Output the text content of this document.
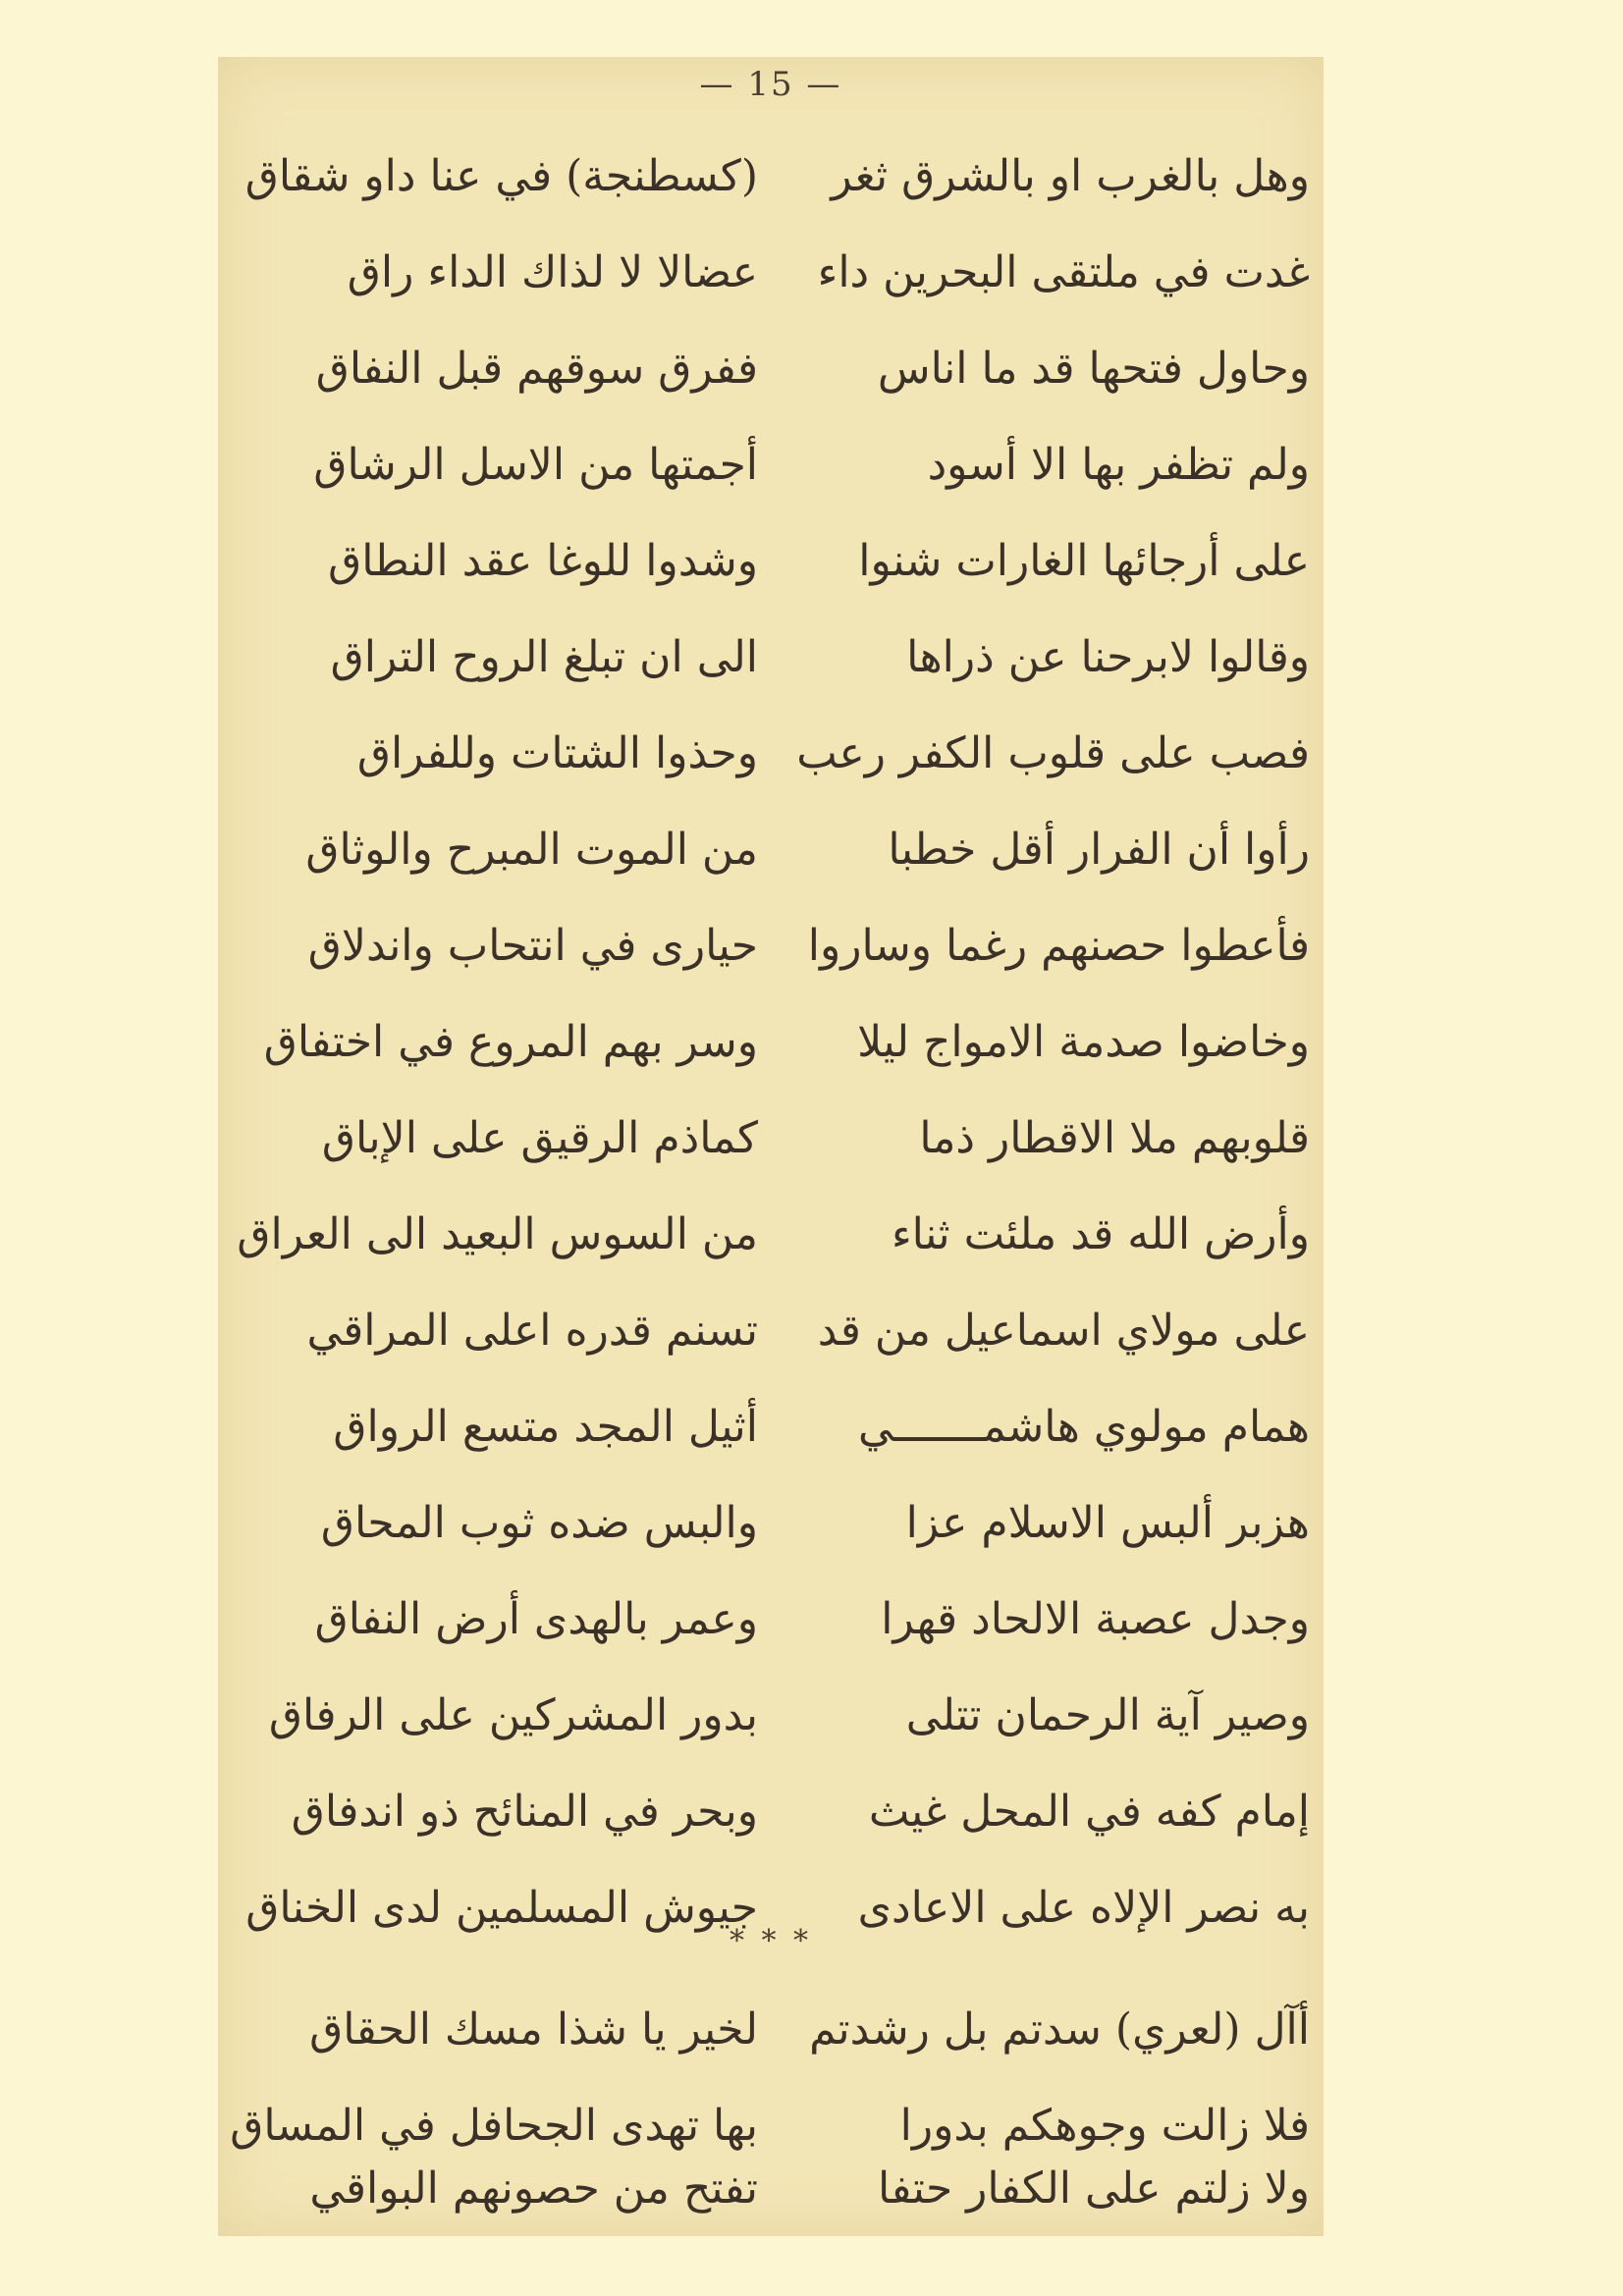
— 15 —
وهل بالغرب او بالشرق ثغر
(كسطنجة) في عنا داو شقاق
غدت في ملتقى البحرين داء
عضالا لا لذاك الداء راق
وحاول فتحها قد ما اناس
ففرق سوقهم قبل النفاق
ولم تظفر بها الا أسود
أجمتها من الاسل الرشاق
على أرجائها الغارات شنوا
وشدوا للوغا عقد النطاق
وقالوا لابرحنا عن ذراها
الى ان تبلغ الروح التراق
فصب على قلوب الكفر رعب
وحذوا الشتات وللفراق
رأوا أن الفرار أقل خطبا
من الموت المبرح والوثاق
فأعطوا حصنهم رغما وساروا
حيارى في انتحاب واندلاق
وخاضوا صدمة الامواج ليلا
وسر بهم المروع في اختفاق
قلوبهم ملا الاقطار ذما
كماذم الرقيق على الإباق
وأرض الله قد ملئت ثناء
من السوس البعيد الى العراق
على مولاي اسماعيل من قد
تسنم قدره اعلى المراقي
همام مولوي هاشمـــــــي
أثيل المجد متسع الرواق
هزبر ألبس الاسلام عزا
والبس ضده ثوب المحاق
وجدل عصبة الالحاد قهرا
وعمر بالهدى أرض النفاق
وصير آية الرحمان تتلى
بدور المشركين على الرفاق
إمام كفه في المحل غيث
وبحر في المنائح ذو اندفاق
به نصر الإلاه على الاعادى
جيوش المسلمين لدى الخناق
* * *
أآل (لعري) سدتم بل رشدتم
لخير يا شذا مسك الحقاق
فلا زالت وجوهكم بدورا
بها تهدى الجحافل في المساق
ولا زلتم على الكفار حتفا
تفتح من حصونهم البواقي
